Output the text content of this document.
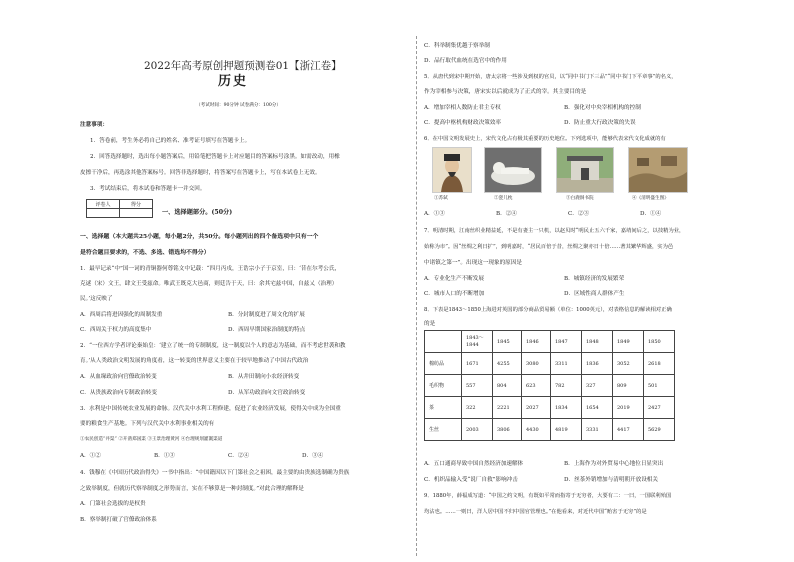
2022年高考原创押题预测卷01【浙江卷】
历史
（考试时间：90分钟 试卷满分：100分）
注意事项：
1．答卷前，考生务必将自己的姓名、准考证号填写在答题卡上。
2．回答选择题时，选出每小题答案后，用铅笔把答题卡上对应题目的答案标号涂黑。如需改动，用橡
皮擦干净后，再选涂其他答案标号。回答非选择题时，将答案写在答题卡上，写在本试卷上无效。
3．考试结束后，将本试卷和答题卡一并交回。
评卷人	得分

一、选择题部分。(50分)
一、选择题（本大题共25小题，每小题2分，共50分。每小题列出的四个备选项中只有一个
是符合题目要求的，不选、多选、错选均不得分）
1．最早记录“中”国一词的青铜器何尊铭文中记载：“四月丙戌，王诰宗小子于京室，曰：‘昔在尔考公氏，
克逑（宋）文王，肆文王受兹命。唯武王既克大邑商，则廷告于天，曰：余其宅兹中国，自兹乂（治理）
民。’这反映了
A．西周后将进因强化的周制发重	B．分封制度进了周文化的扩展
C．西周关于权力的高度集中	D．西周早期国家治制度的特点
2．“一位西方学者评论秦始皇：‘建立了统一的专制制度，这一制度以个人的意志为基础，而不考虑世袭和教
育。’从人类政治文明发展的角度看，这一转变的世界意义主要在于较早地推动了中国古代政治
A．从血缘政治向官僚政治转变	B．从井田制向小农经济转变
C．从贵族政治向专制政治转变	D．从军功政治向文官政治转变
3．水利是中国传统农业发展的命脉。汉代关中水利工程修建，促进了农业经济发展，使得关中成为全国重
要的粮食生产基地。下列与汉代关中水利事业相关的有
①农民创造“井渠” ②开凿郑国渠 ③王景治理黄河 ④台理规划灌溉渠道
A．①②	B．①③	C．②④	D．③④
4．钱穆在《中国历代政治得失》一书中指出：“中国籍因以下门第社会之祖困，最主要的由贵族选制确为贵族
之致举制度，但就历代察举制度之形势而言，实在不够算是一种封制度。”对此合理的解释是
A．门第社会选拔的是权贵
B．察举制打破了官僚政治体系
C．科举制集优越于察举制
D．品行取代血统在选官中的作用
5．从唐代到宋中期开始，唐太宗将一些涉及到权的官员，以“同中书门下三品”“同中书门下平章事”的名义，
作为宰相参与决策，唐宋实以后就成为了正式的宰。其主要目的是
A．增加宰相人数防止君主专权	B．强化对中央宰相机构的控制
C．提高中枢机构财政决策效率	D．防止重大行政决策的失误
6．在中国文明发展史上，宋代文化占有极其重要的历史地位。下列选项中，能够代表宋代文化成就的有
①苏轼	②瓷儿枕	③白鹿洞书院	④《清明盛生图》
A．①③	B．②④	C．②③	D．①④
7．明清时期，江南丝织业精益延，不是有妻主一只机，以赵贝时“明民止五六千家，嘉靖间后之，以技精为业，
始称为市”。因“丝绸之利日扩”，到明嘉时，“居民百倍于昔，丝绸之聚亦日十倍……著其繁华辉盛，实为邑
中诸镇之第一”。出现这一现象的原因是
A．专业化生产不断发展	B．城镇经济的发展繁荣
C．城市人口的不断增加	D．区域性商人群体产生
8．下表是1843～1850上海进对英国的部分商品贸易额（单位：1000英元），对表格信息的解读相对正确
的是
	1843～1844	1845	1846	1847	1848	1849	1850
棉纺品	1671	4255	3080	3311	1836	3052	2618
毛织物	557	804	623	782	327	809	501
茶	322	2221	2027	1834	1654	2019	2427
生丝	2003	3806	4430	4819	3331	4417	5629
A．五口通商导致中国自然经济加速解体	B．上海作为对外贸易中心地位日显突出
C．机织品输入受“说厂自救”影响冲击	D．丝茶外销增加与清明朝开放设相关
9．1880年，薛福成写道：“中国之约文明，有既如平常而指寄于无穷者，大要有二：一曰，一国联利殆国
均沾也。……一则曰，洋人居中国不归中国官管理也。”在他看来，对近代中国“贻害于无穷”的是
